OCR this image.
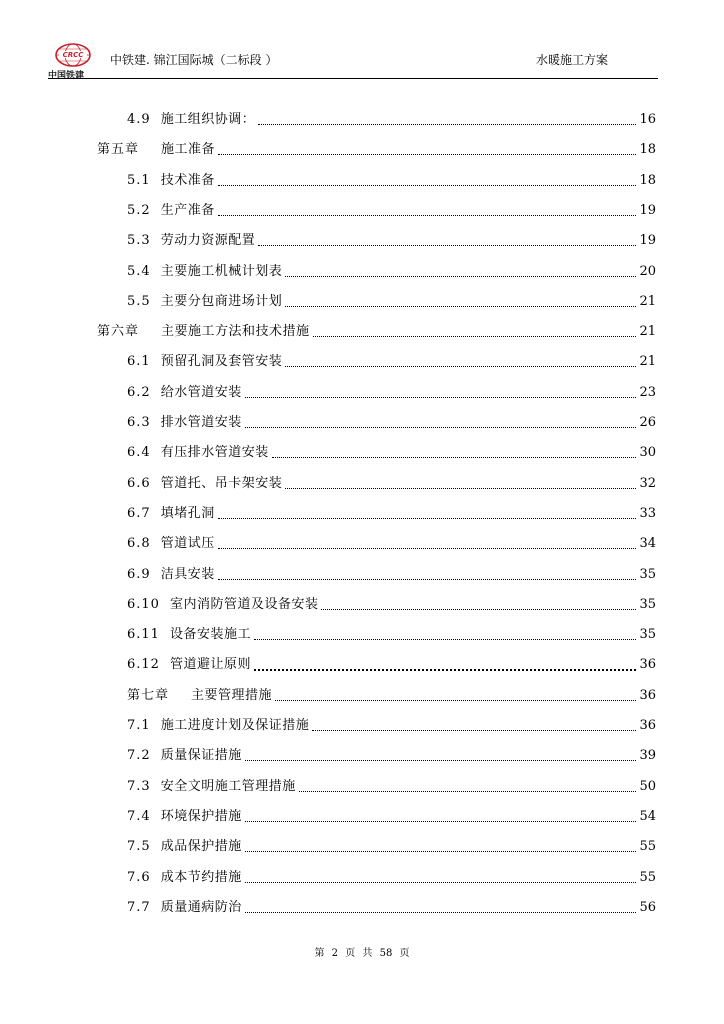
CRCC
中国铁建
中铁建. 锦江国际城（二标段 ）	水暖施工方案
4.9 施工组织协调：	16
第五章 施工准备	18
5.1 技术准备	18
5.2 生产准备	19
5.3 劳动力资源配置	19
5.4 主要施工机械计划表	20
5.5 主要分包商进场计划	21
第六章 主要施工方法和技术措施	21
6.1 预留孔洞及套管安装	21
6.2 给水管道安装	23
6.3 排水管道安装	26
6.4 有压排水管道安装	30
6.6 管道托、吊卡架安装	32
6.7 填堵孔洞	33
6.8 管道试压	34
6.9 洁具安装	35
6.10 室内消防管道及设备安装	35
6.11 设备安装施工	35
6.12 管道避让原则	36
第七章 主要管理措施	36
7.1 施工进度计划及保证措施	36
7.2 质量保证措施	39
7.3 安全文明施工管理措施	50
7.4 环境保护措施	54
7.5 成品保护措施	55
7.6 成本节约措施	55
7.7 质量通病防治	56
第 2 页 共 58 页
